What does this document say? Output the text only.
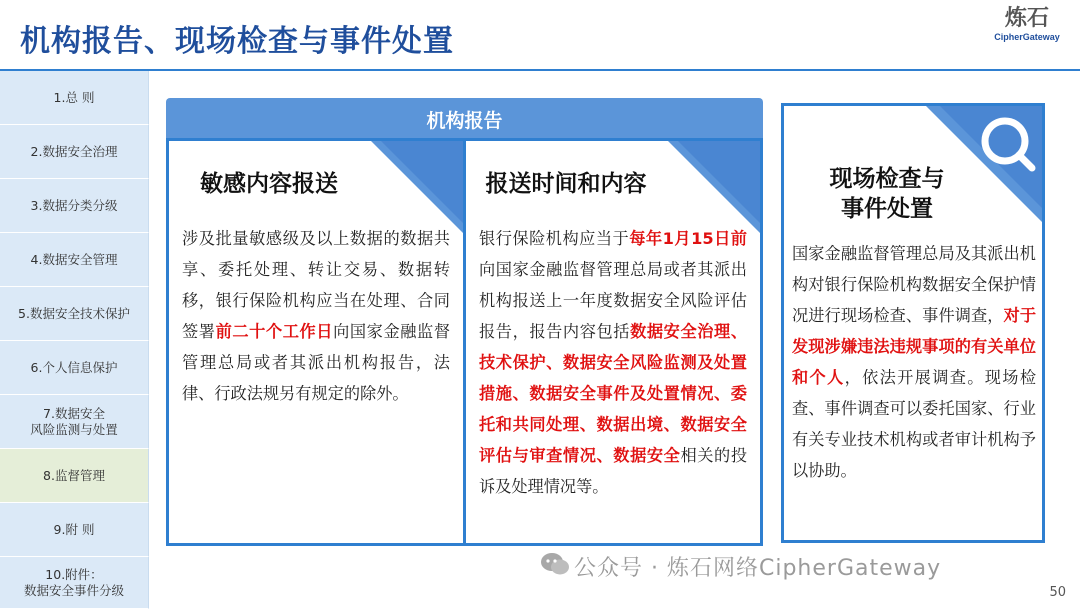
机构报告、现场检查与事件处置
炼石
CipherGateway
1.总 则
2.数据安全治理
3.数据分类分级
4.数据安全管理
5.数据安全技术保护
6.个人信息保护
7.数据安全
风险监测与处置
8.监督管理
9.附 则
10.附件：
数据安全事件分级
机构报告
敏感内容报送
涉及批量敏感级及以上数据的数据共享、委托处理、转让交易、数据转移，银行保险机构应当在处理、合同签署前二十个工作日向国家金融监督管理总局或者其派出机构报告，法律、行政法规另有规定的除外。
报送时间和内容
银行保险机构应当于每年1月15日前向国家金融监督管理总局或者其派出机构报送上一年度数据安全风险评估报告，报告内容包括数据安全治理、技术保护、数据安全风险监测及处置措施、数据安全事件及处置情况、委托和共同处理、数据出境、数据安全评估与审查情况、数据安全相关的投诉及处理情况等。
现场检查与
事件处置
国家金融监督管理总局及其派出机构对银行保险机构数据安全保护情况进行现场检查、事件调查，对于发现涉嫌违法违规事项的有关单位和个人，依法开展调查。现场检查、事件调查可以委托国家、行业有关专业技术机构或者审计机构予以协助。
公众号 · 炼石网络CipherGateway
50
